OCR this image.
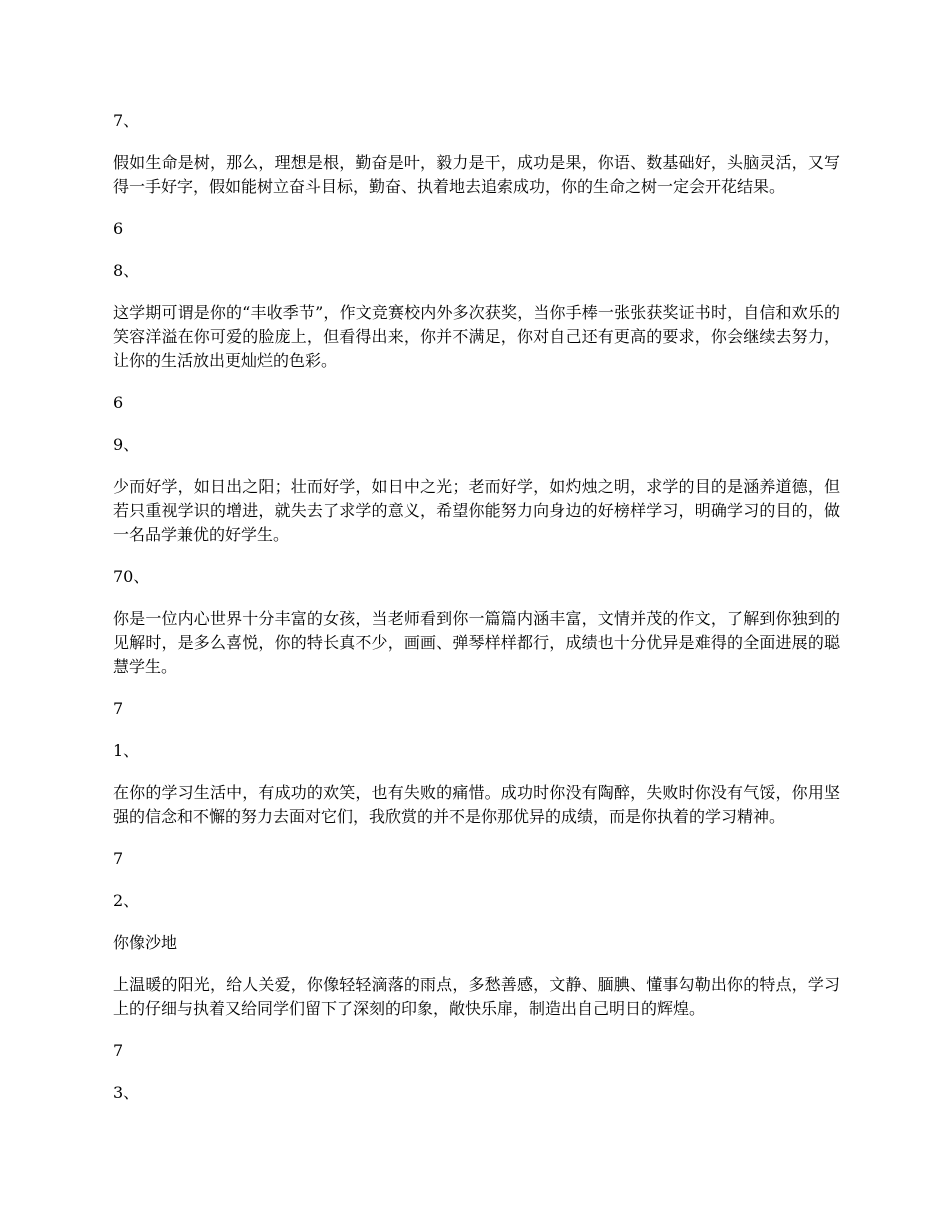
7、

假如生命是树，那么，理想是根，勤奋是叶，毅力是干，成功是果，你语、数基础好，头脑灵活，又写得一手好字，假如能树立奋斗目标，勤奋、执着地去追索成功，你的生命之树一定会开花结果。

6

8、

这学期可谓是你的“丰收季节”，作文竞赛校内外多次获奖，当你手棒一张张获奖证书时，自信和欢乐的笑容洋溢在你可爱的脸庞上，但看得出来，你并不满足，你对自己还有更高的要求，你会继续去努力，让你的生活放出更灿烂的色彩。

6

9、

少而好学，如日出之阳；壮而好学，如日中之光；老而好学，如灼烛之明，求学的目的是涵养道德，但若只重视学识的增进，就失去了求学的意义，希望你能努力向身边的好榜样学习，明确学习的目的，做一名品学兼优的好学生。

70、

你是一位内心世界十分丰富的女孩，当老师看到你一篇篇内涵丰富，文情并茂的作文，了解到你独到的见解时，是多么喜悦，你的特长真不少，画画、弹琴样样都行，成绩也十分优异是难得的全面进展的聪慧学生。

7

1、

在你的学习生活中，有成功的欢笑，也有失败的痛惜。成功时你没有陶醉，失败时你没有气馁，你用坚强的信念和不懈的努力去面对它们，我欣赏的并不是你那优异的成绩，而是你执着的学习精神。

7

2、

你像沙地

上温暖的阳光，给人关爱，你像轻轻滴落的雨点，多愁善感，文静、腼腆、懂事勾勒出你的特点，学习上的仔细与执着又给同学们留下了深刻的印象，敞快乐扉，制造出自己明日的辉煌。

7

3、
